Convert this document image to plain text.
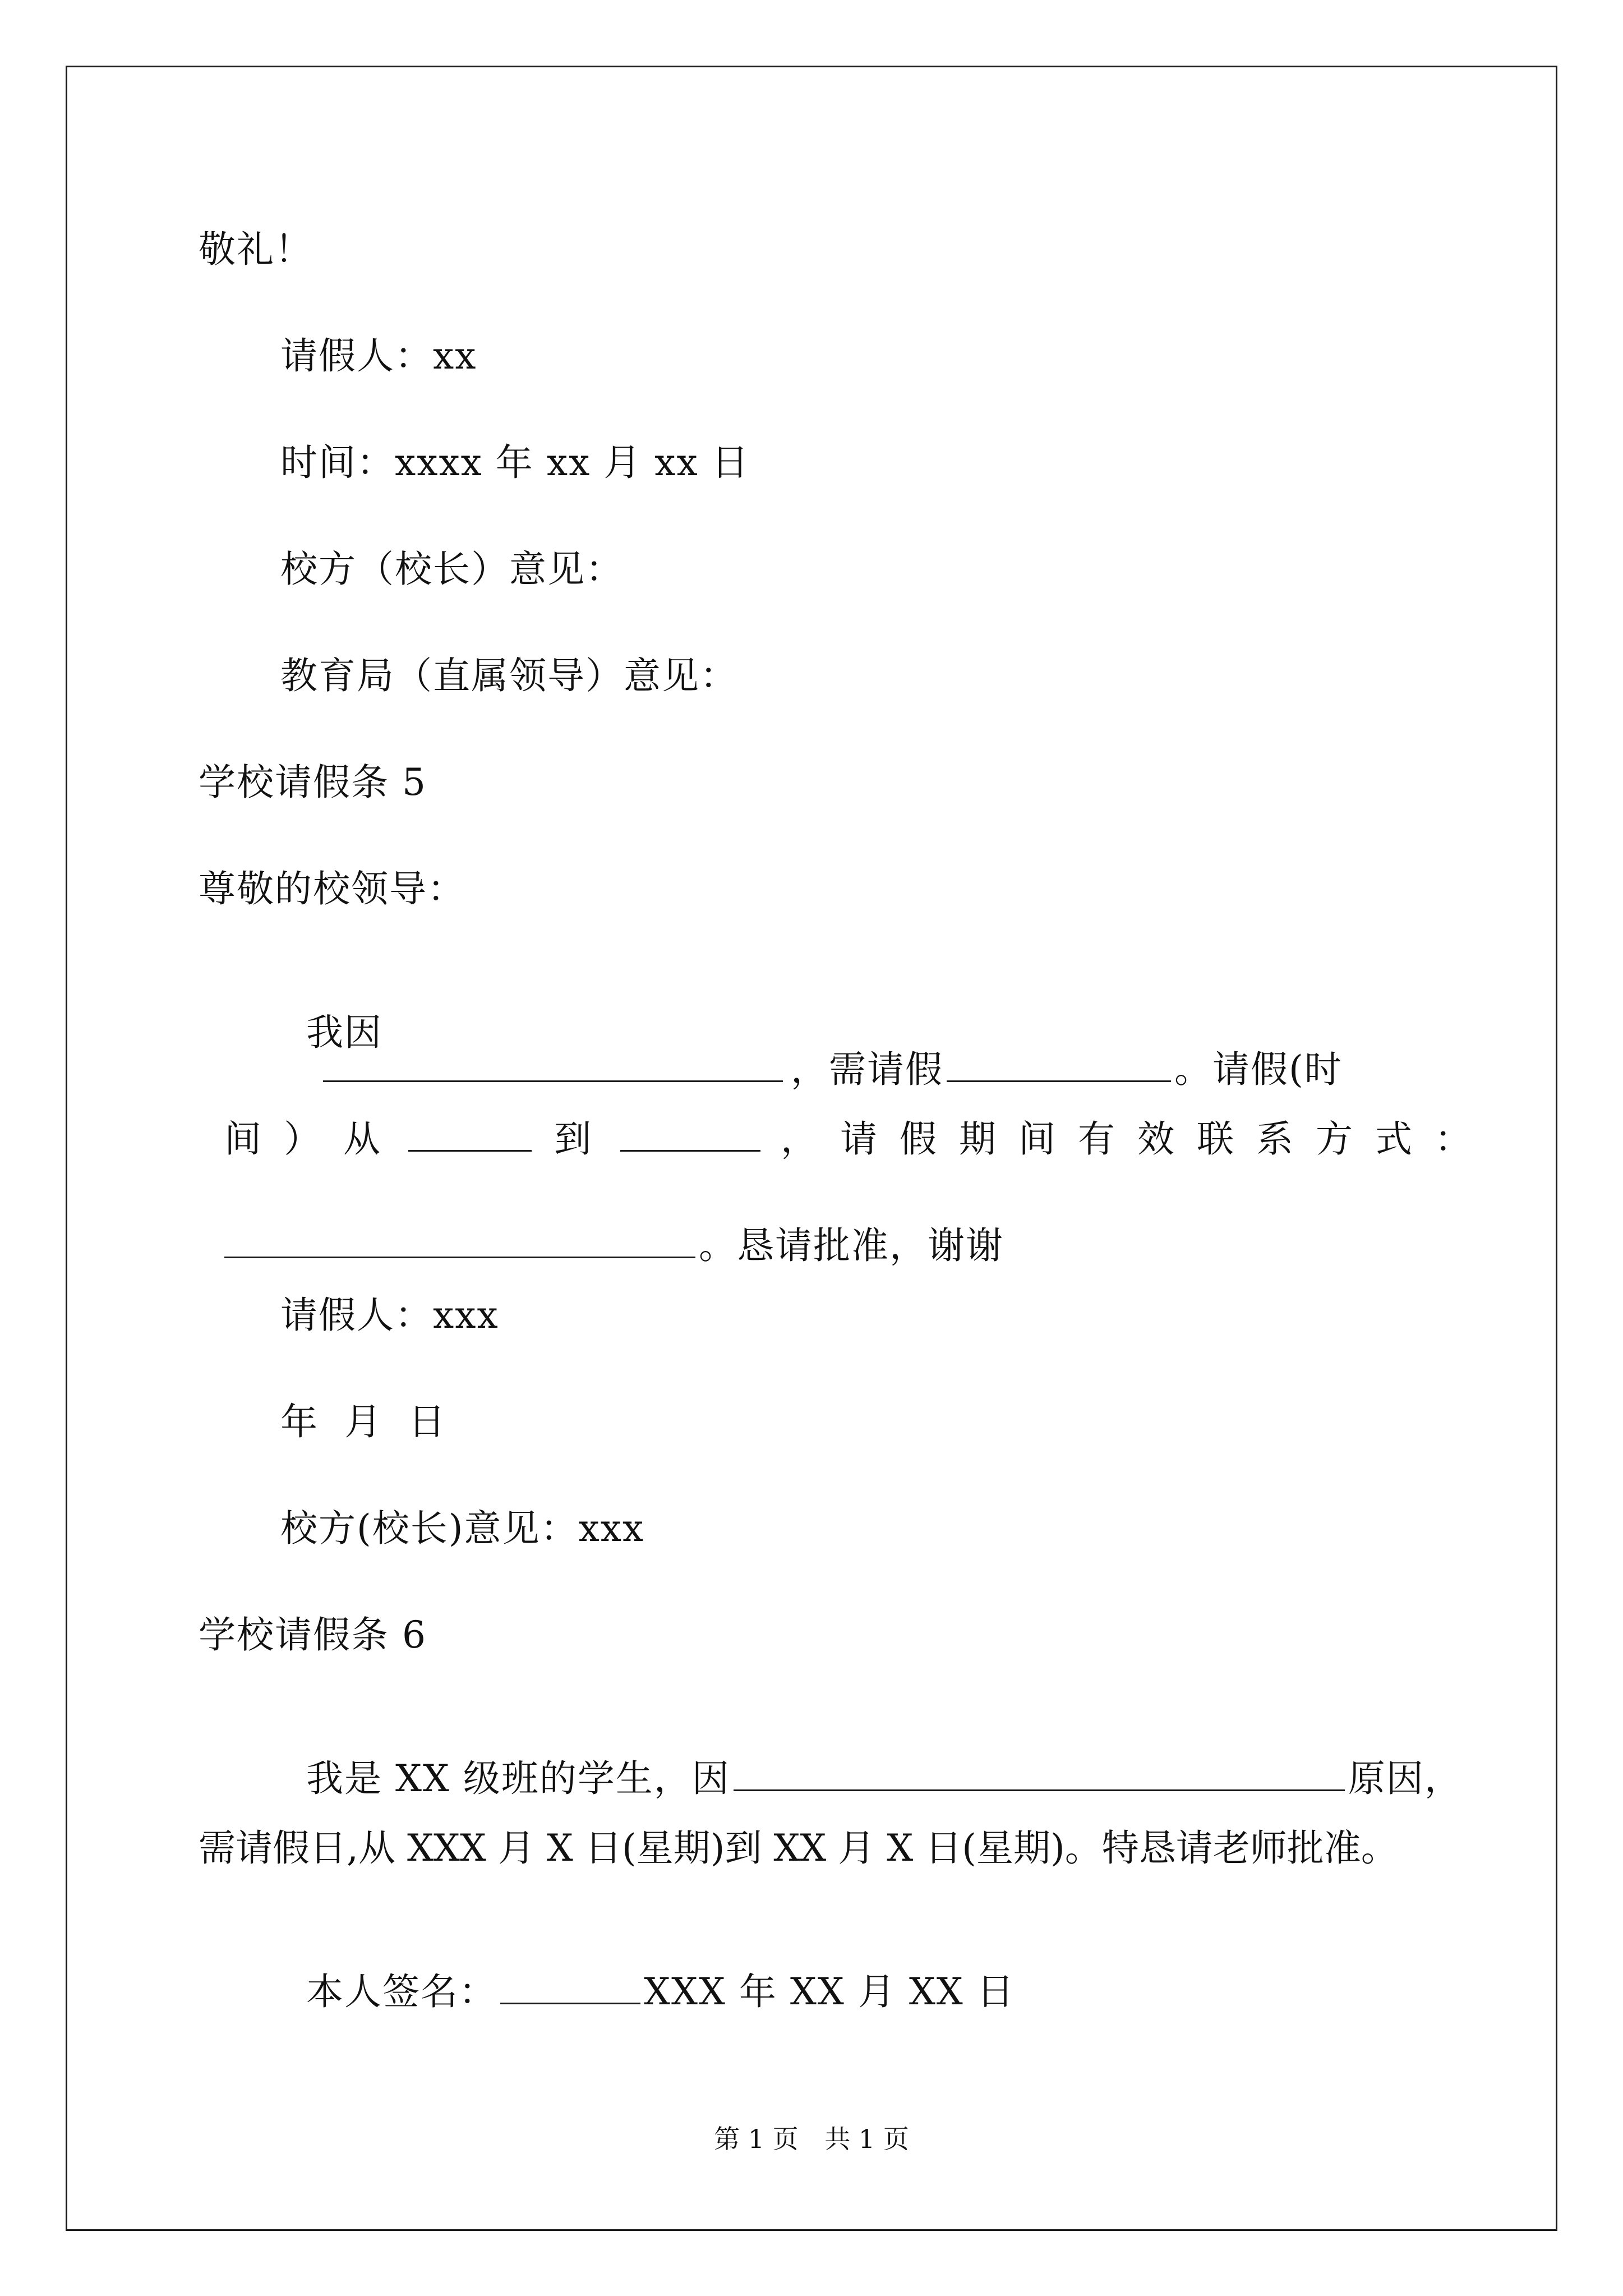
敬礼！
请假人：xx
时间：xxxx 年 xx 月 xx 日
校方（校长）意见：
教育局（直属领导）意见：
学校请假条 5
尊敬的校领导：

我因
，需请假	。请假(时

间）从	到	，请假期间有效联系方式：

。恳请批准，谢谢

请假人：xxx
年  月  日
校方(校长)意见：xxx
学校请假条 6

我是 XX 级班的学生，因	原因，

需请假日,从 XXX 月 X 日(星期)到 XX 月 X 日(星期)。特恳请老师批准。

本人签名：	XXX 年 XX 月 XX 日

第 1 页 共 1 页
